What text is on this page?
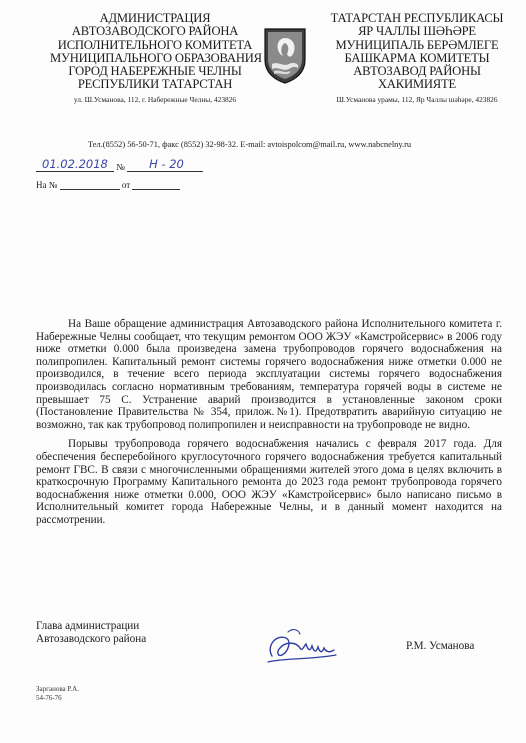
АДМИНИСТРАЦИЯ
АВТОЗАВОДСКОГО РАЙОНА
ИСПОЛНИТЕЛЬНОГО КОМИТЕТА
МУНИЦИПАЛЬНОГО ОБРАЗОВАНИЯ
ГОРОД НАБЕРЕЖНЫЕ ЧЕЛНЫ
РЕСПУБЛИКИ ТАТАРСТАН
ул. Ш.Усманова, 112, г. Набережные Челны, 423826
ТАТАРСТАН РЕСПУБЛИКАСЫ
ЯР ЧАЛЛЫ ШӘҺӘРЕ
МУНИЦИПАЛЬ БЕРӘМЛЕГЕ
БАШКАРМА КОМИТЕТЫ
АВТОЗАВОД РАЙОНЫ
ХАКИМИЯТЕ
Ш.Усманова урамы, 112, Яр Чаллы шәһәре, 423826
Тел.(8552) 56-50-71, факс (8552) 32-98-32. E-mail: avtoispolcom@mail.ru, www.nabcnelny.ru
01.02.2018 № Н - 20
На №	от

На Ваше обращение администрация Автозаводского района Исполнительного комитета г. Набережные Челны сообщает, что текущим ремонтом ООО ЖЭУ «Камстройсервис» в 2006 году ниже отметки 0.000 была произведена замена трубопроводов горячего водоснабжения на полипропилен. Капитальный ремонт системы горячего водоснабжения ниже отметки 0.000 не производился, в течение всего периода эксплуатации системы горячего водоснабжения производилась согласно нормативным требованиям, температура горячей воды в системе не превышает 75 С. Устранение аварий производится в установленные законом сроки (Постановление Правительства № 354, прилож.№1). Предотвратить аварийную ситуацию не возможно, так как трубопровод полипропилен и неисправности на трубопроводе не видно.

Порывы трубопровода горячего водоснабжения начались с февраля 2017 года. Для обеспечения бесперебойного круглосуточного горячего водоснабжения требуется капитальный ремонт ГВС. В связи с многочисленными обращениями жителей этого дома в целях включить в краткосрочную Программу Капитального ремонта до 2023 года ремонт трубопровода горячего водоснабжения ниже отметки 0.000, ООО ЖЭУ «Камстройсервис» было написано письмо в Исполнительный комитет города Набережные Челны, и в данный момент находится на рассмотрении.

Глава администрации
Автозаводского района
Р.М. Усманова
Зарганова Р.А.
54-76-76
